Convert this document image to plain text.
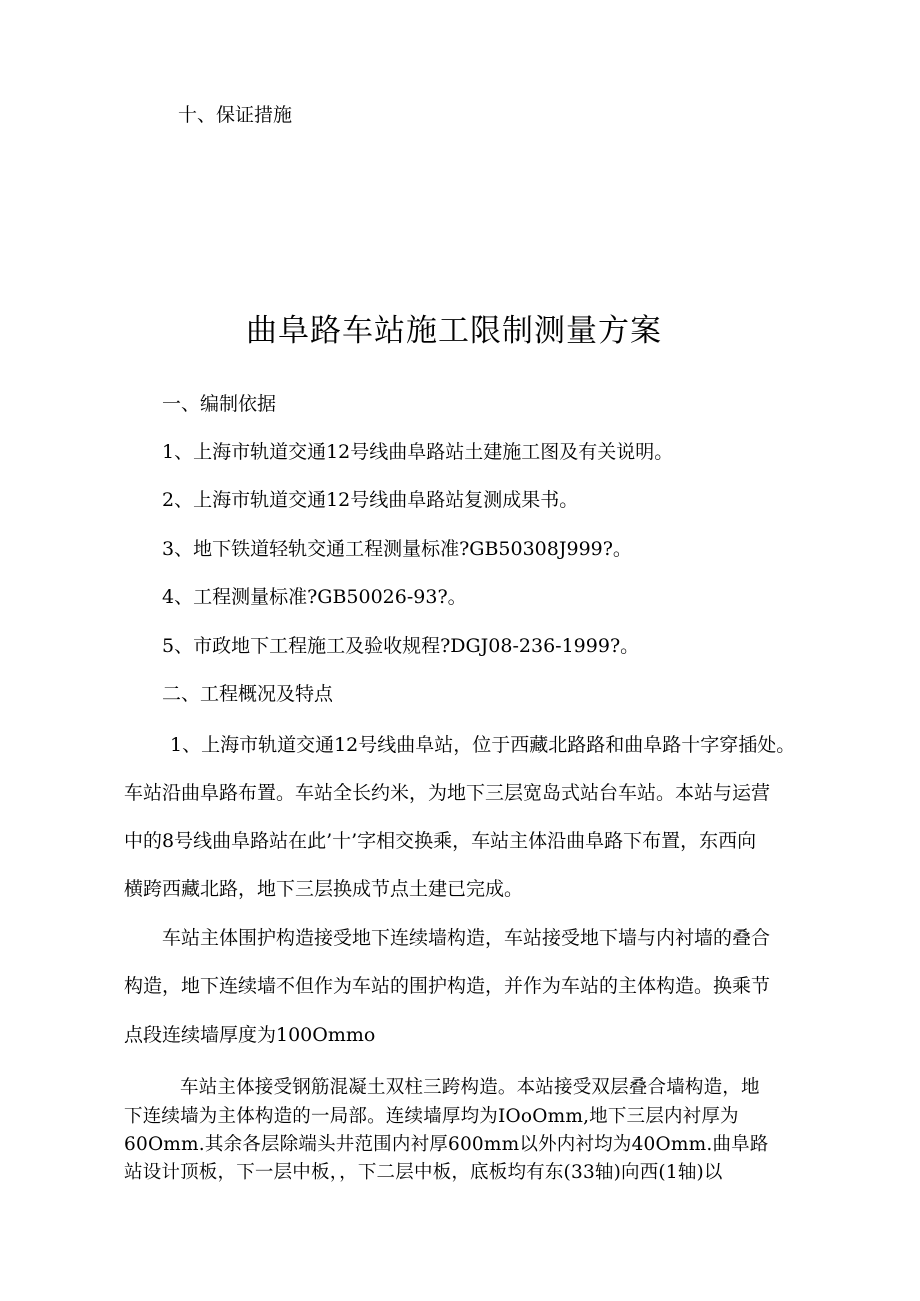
十、保证措施
曲阜路车站施工限制测量方案
一、编制依据
1、上海市轨道交通12号线曲阜路站土建施工图及有关说明。
2、上海市轨道交通12号线曲阜路站复测成果书。
3、地下铁道轻轨交通工程测量标准?GB50308J999?。
4、工程测量标准?GB50026-93?。
5、市政地下工程施工及验收规程?DGJ08-236-1999?。
二、工程概况及特点
1、上海市轨道交通12号线曲阜站，位于西藏北路路和曲阜路十字穿插处。
车站沿曲阜路布置。车站全长约米，为地下三层宽岛式站台车站。本站与运营
中的8号线曲阜路站在此’十’字相交换乘，车站主体沿曲阜路下布置，东西向
横跨西藏北路，地下三层换成节点土建已完成。
车站主体围护构造接受地下连续墙构造，车站接受地下墙与内衬墙的叠合
构造，地下连续墙不但作为车站的围护构造，并作为车站的主体构造。换乘节
点段连续墙厚度为100Ommo
车站主体接受钢筋混凝土双柱三跨构造。本站接受双层叠合墙构造，地
下连续墙为主体构造的一局部。连续墙厚均为IOoOmm,地下三层内衬厚为
60Omm.其余各层除端头井范围内衬厚600mm以外内衬均为40Omm.曲阜路
站设计顶板，下一层中板，，下二层中板，底板均有东(33轴)向西(1轴)以
